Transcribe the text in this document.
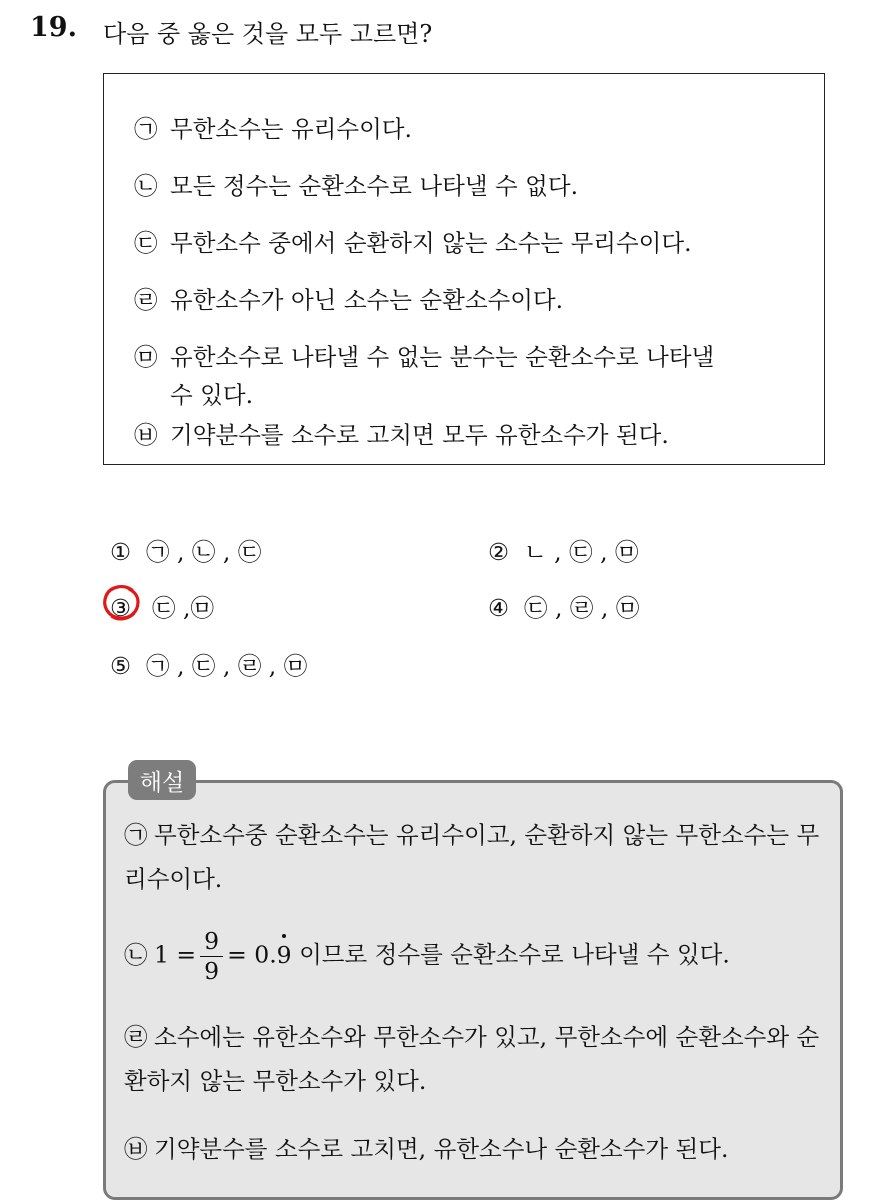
19. 다음 중 옳은 것을 모두 고르면?
㉠ 무한소수는 유리수이다.
㉡ 모든 정수는 순환소수로 나타낼 수 없다.
㉢ 무한소수 중에서 순환하지 않는 소수는 무리수이다.
㉣ 유한소수가 아닌 소수는 순환소수이다.
㉤ 유한소수로 나타낼 수 없는 분수는 순환소수로 나타낼
수 있다.
㉥ 기약분수를 소수로 고치면 모두 유한소수가 된다.
① ㉠ , ㉡ , ㉢	② ㄴ , ㉢ , ㉤
③ ㉢ ,㉤	④ ㉢ , ㉣ , ㉤
⑤ ㉠ , ㉢ , ㉣ , ㉤
㉠ 무한소수중 순환소수는 유리수이고, 순환하지 않는 무한소수는 무리수이다.
㉡ $1 = \frac{9}{9} = 0.9$ 이므로 정수를 순환소수로 나타낼 수 있다.
㉣ 소수에는 유한소수와 무한소수가 있고, 무한소수에 순환소수와 순환하지 않는 무한소수가 있다.
㉥ 기약분수를 소수로 고치면, 유한소수나 순환소수가 된다.
해설
